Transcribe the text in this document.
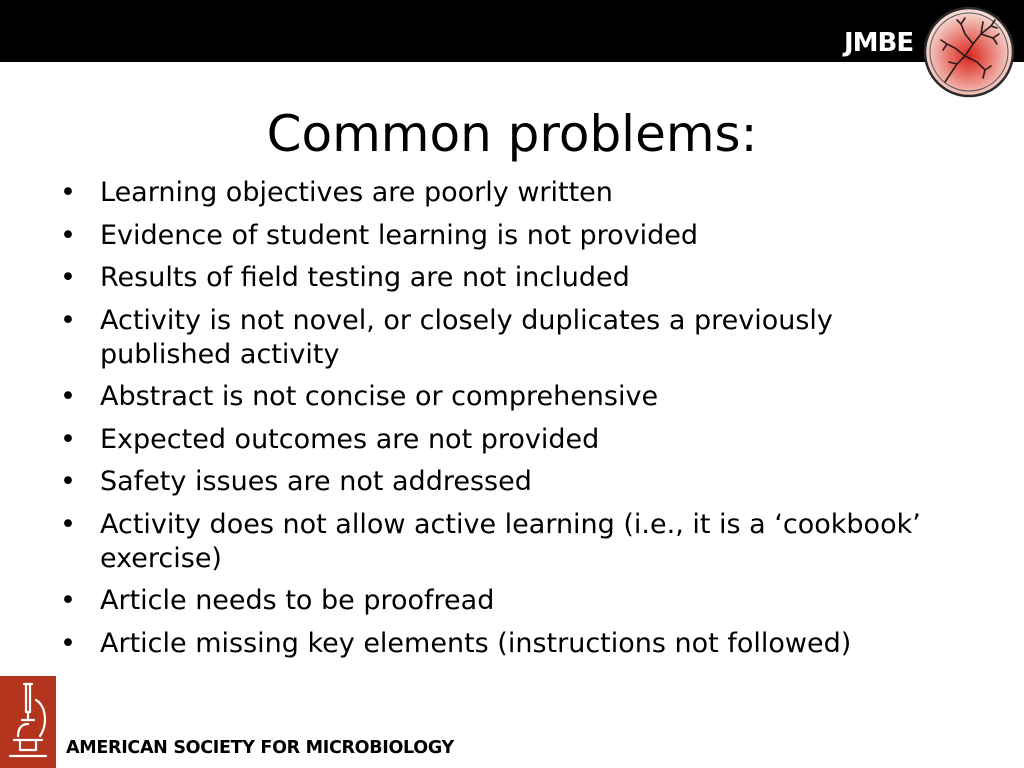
JMBE
Common problems:
• Learning objectives are poorly written
• Evidence of student learning is not provided
• Results of field testing are not included
• Activity is not novel, or closely duplicates a previously published activity
• Abstract is not concise or comprehensive
• Expected outcomes are not provided
• Safety issues are not addressed
• Activity does not allow active learning (i.e., it is a ‘cookbook’ exercise)
• Article needs to be proofread
• Article missing key elements (instructions not followed)
AMERICAN SOCIETY FOR MICROBIOLOGY
